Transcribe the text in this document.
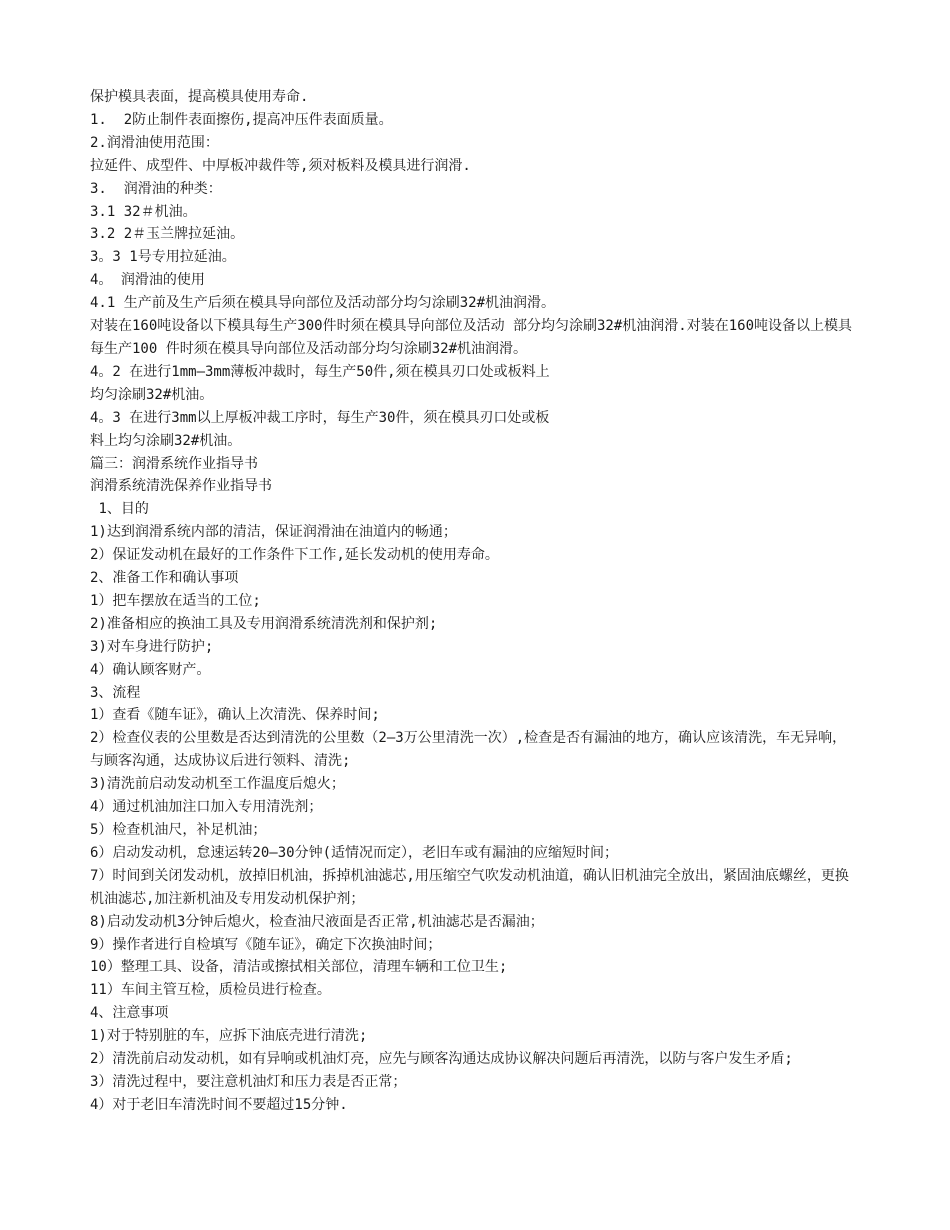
保护模具表面，提高模具使用寿命.

1.  2防止制件表面擦伤,提高冲压件表面质量。

2.润滑油使用范围：

拉延件、成型件、中厚板冲裁件等,须对板料及模具进行润滑.

3.  润滑油的种类：

3.1 32＃机油。

3.2 2＃玉兰牌拉延油。

3。3 1号专用拉延油。

4。 润滑油的使用

4.1 生产前及生产后须在模具导向部位及活动部分均匀涂刷32#机油润滑。

对装在160吨设备以下模具每生产300件时须在模具导向部位及活动 部分均匀涂刷32#机油润滑.对装在160吨设备以上模具每生产100 件时须在模具导向部位及活动部分均匀涂刷32#机油润滑。

4。2 在进行1mm—3mm薄板冲裁时，每生产50件,须在模具刃口处或板料上

均匀涂刷32#机油。

4。3 在进行3mm以上厚板冲裁工序时，每生产30件，须在模具刃口处或板

料上均匀涂刷32#机油。

篇三：润滑系统作业指导书

润滑系统清洗保养作业指导书

1、目的

1)达到润滑系统内部的清洁，保证润滑油在油道内的畅通；

2）保证发动机在最好的工作条件下工作,延长发动机的使用寿命。

2、准备工作和确认事项

1）把车摆放在适当的工位;

2)准备相应的换油工具及专用润滑系统清洗剂和保护剂;

3)对车身进行防护;

4）确认顾客财产。

3、流程

1）查看《随车证》，确认上次清洗、保养时间;

2）检查仪表的公里数是否达到清洗的公里数（2—3万公里清洗一次）,检查是否有漏油的地方，确认应该清洗，车无异响，与顾客沟通，达成协议后进行领料、清洗;

3)清洗前启动发动机至工作温度后熄火；

4）通过机油加注口加入专用清洗剂；

5）检查机油尺，补足机油；

6）启动发动机，怠速运转20—30分钟(适情况而定），老旧车或有漏油的应缩短时间；

7）时间到关闭发动机，放掉旧机油，拆掉机油滤芯,用压缩空气吹发动机油道，确认旧机油完全放出，紧固油底螺丝，更换机油滤芯,加注新机油及专用发动机保护剂；

8)启动发动机3分钟后熄火，检查油尺液面是否正常,机油滤芯是否漏油；

9）操作者进行自检填写《随车证》，确定下次换油时间；

10）整理工具、设备，清洁或擦拭相关部位，清理车辆和工位卫生;

11）车间主管互检，质检员进行检查。

4、注意事项

1)对于特别脏的车，应拆下油底壳进行清洗;

2）清洗前启动发动机，如有异响或机油灯亮，应先与顾客沟通达成协议解决问题后再清洗，以防与客户发生矛盾;

3）清洗过程中，要注意机油灯和压力表是否正常；

4）对于老旧车清洗时间不要超过15分钟.
